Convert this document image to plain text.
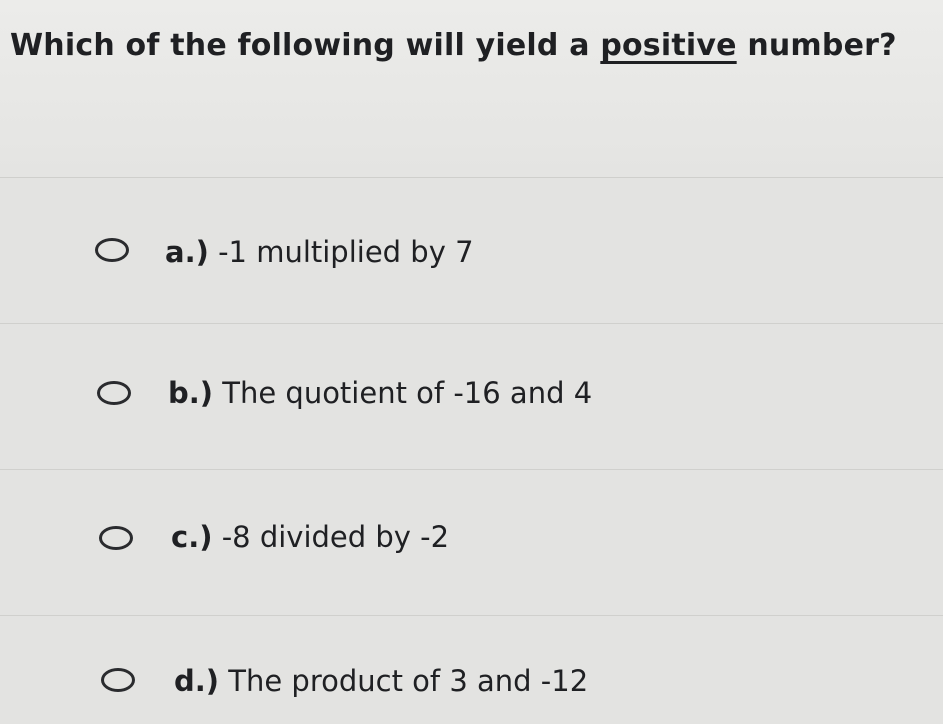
Which of the following will yield a positive number?
a.) -1 multiplied by 7
b.) The quotient of -16 and 4
c.) -8 divided by -2
d.) The product of 3 and -12
